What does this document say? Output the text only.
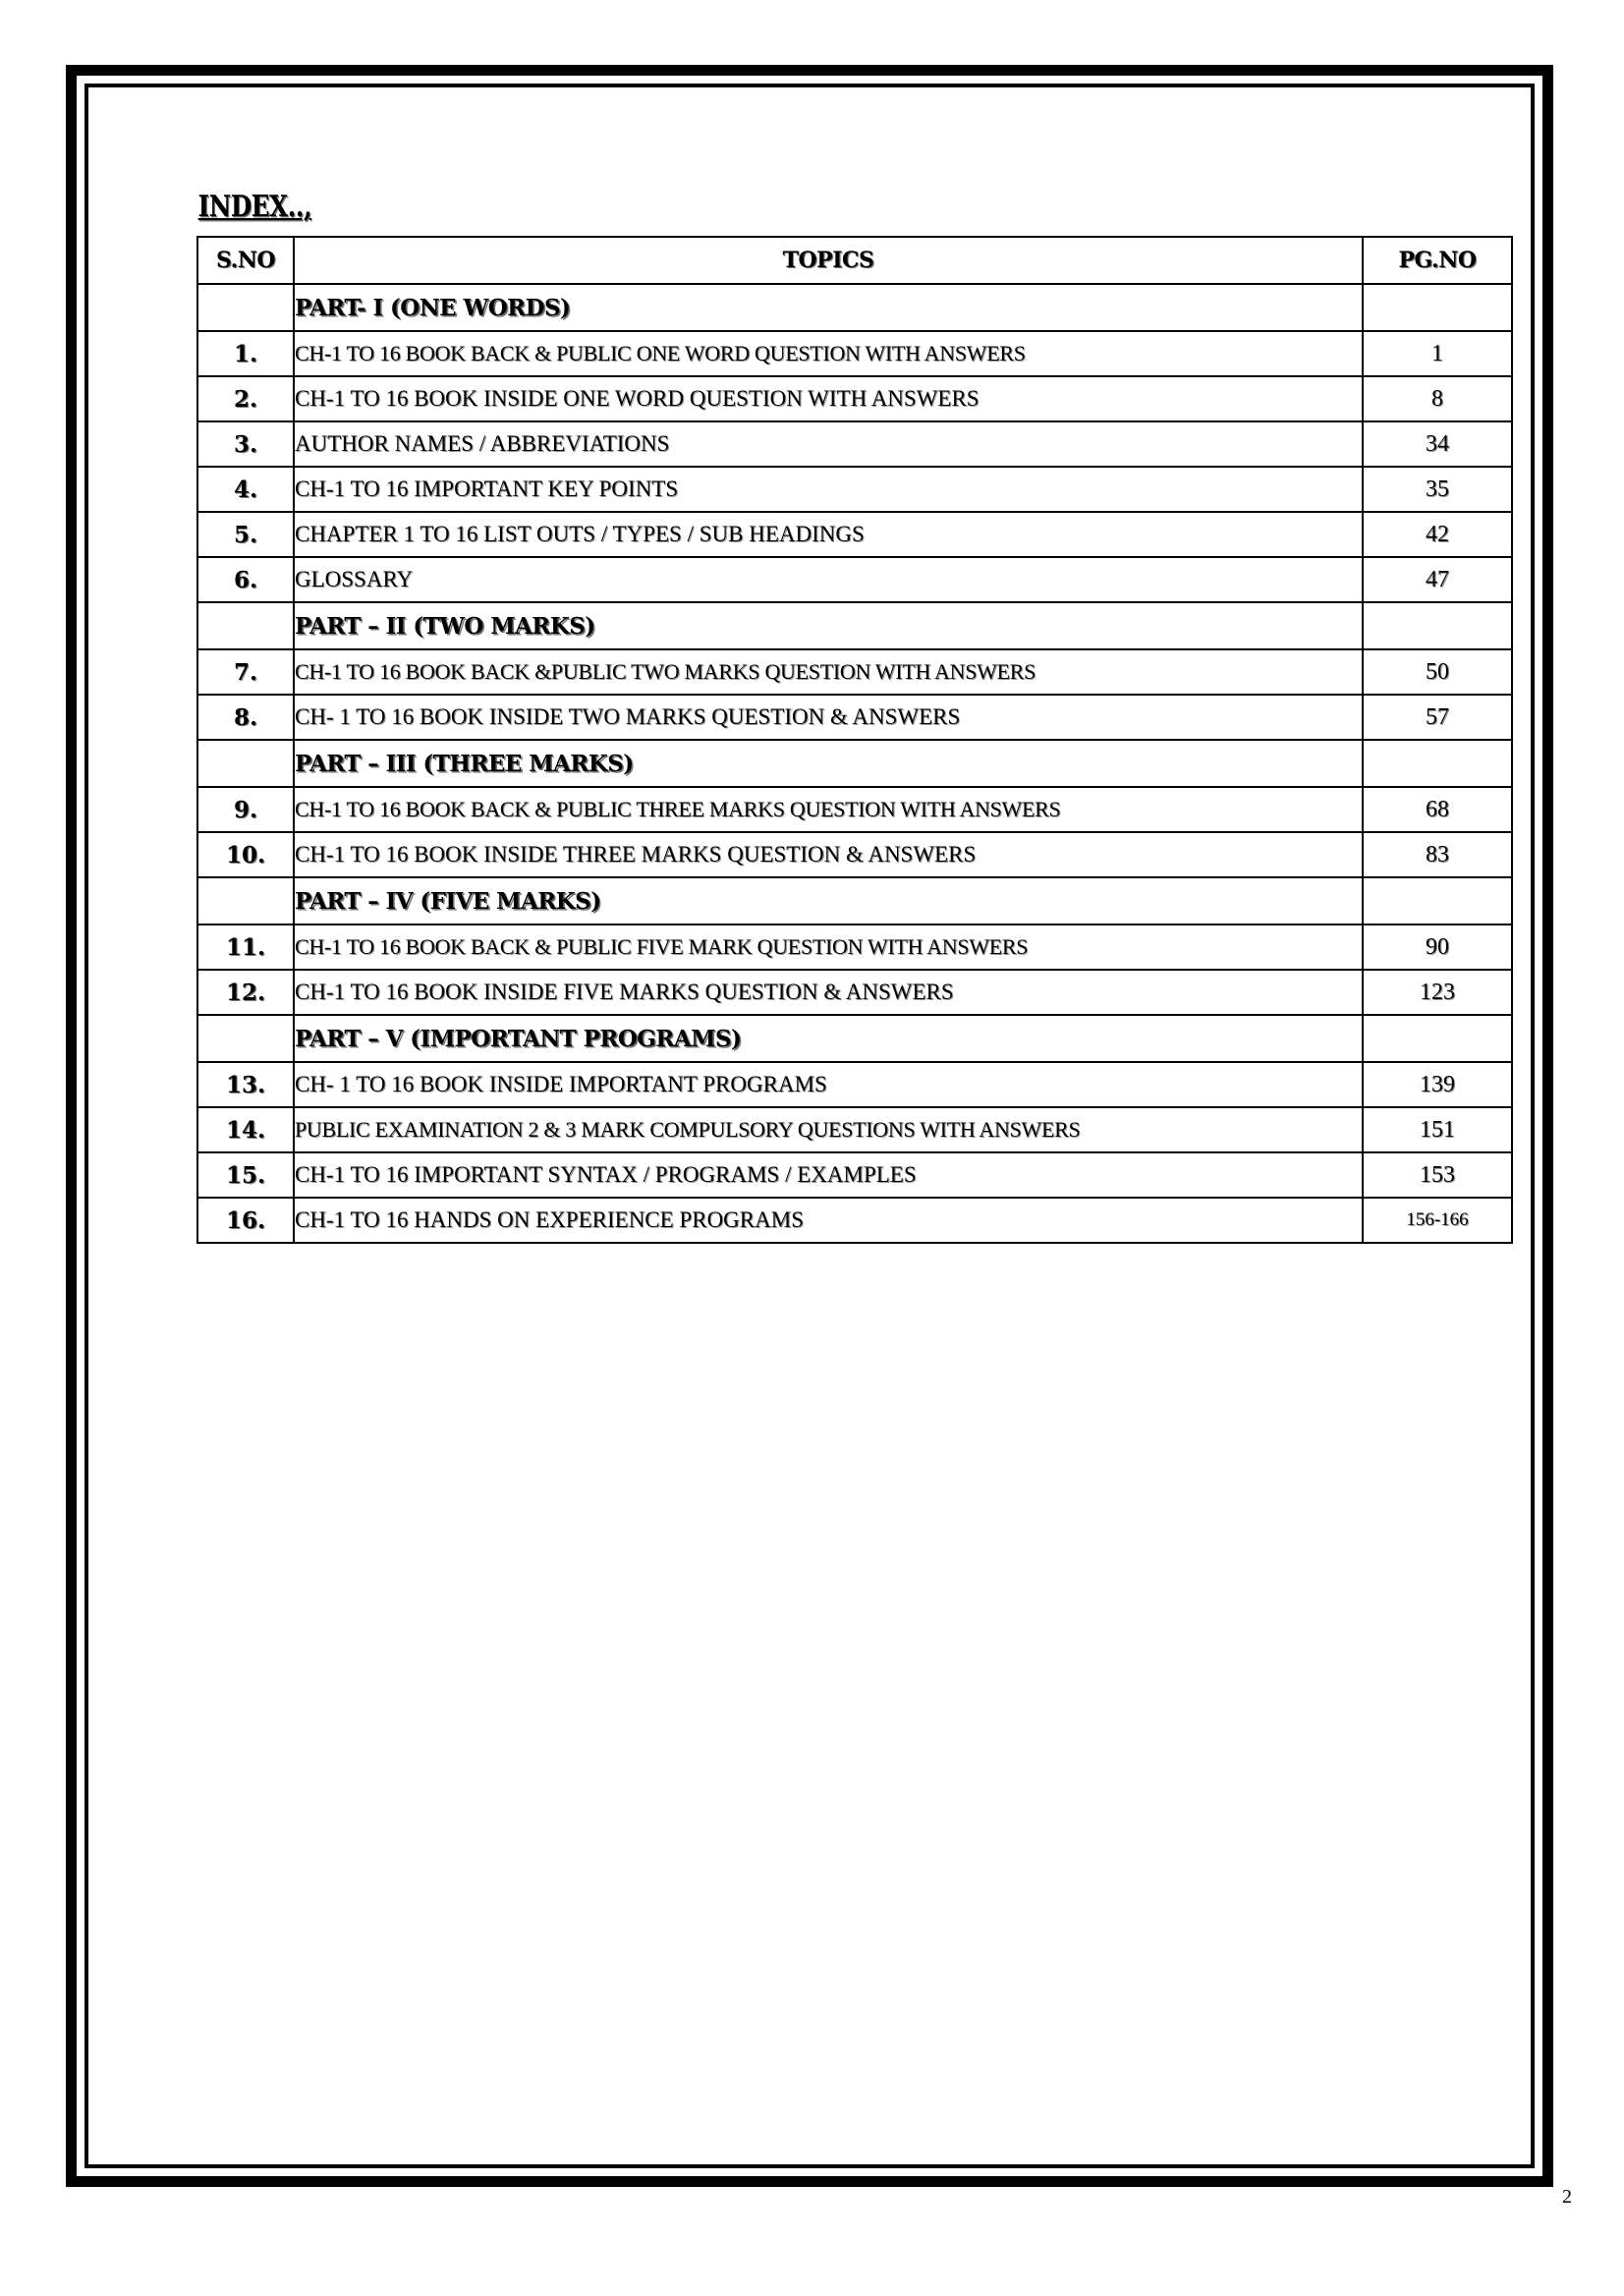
INDEX..,
S.NO	TOPICS	PG.NO
	PART- I (ONE WORDS)	
1.	CH-1 TO 16 BOOK BACK & PUBLIC ONE WORD QUESTION WITH ANSWERS	1
2.	CH-1 TO 16 BOOK INSIDE ONE WORD QUESTION WITH ANSWERS	8
3.	AUTHOR NAMES / ABBREVIATIONS	34
4.	CH-1 TO 16 IMPORTANT KEY POINTS	35
5.	CHAPTER 1 TO 16 LIST OUTS / TYPES / SUB HEADINGS	42
6.	GLOSSARY	47
	PART – II (TWO MARKS)	
7.	CH-1 TO 16 BOOK BACK &PUBLIC TWO MARKS QUESTION WITH ANSWERS	50
8.	CH- 1 TO 16 BOOK INSIDE TWO MARKS QUESTION & ANSWERS	57
	PART – III (THREE MARKS)	
9.	CH-1 TO 16 BOOK BACK & PUBLIC THREE MARKS QUESTION WITH ANSWERS	68
10.	CH-1 TO 16 BOOK INSIDE THREE MARKS QUESTION & ANSWERS	83
	PART – IV (FIVE MARKS)	
11.	CH-1 TO 16 BOOK BACK & PUBLIC FIVE MARK QUESTION WITH ANSWERS	90
12.	CH-1 TO 16 BOOK INSIDE FIVE MARKS QUESTION & ANSWERS	123
	PART – V (IMPORTANT PROGRAMS)	
13.	CH- 1 TO 16 BOOK INSIDE IMPORTANT PROGRAMS	139
14.	PUBLIC EXAMINATION 2 & 3 MARK COMPULSORY QUESTIONS WITH ANSWERS	151
15.	CH-1 TO 16 IMPORTANT SYNTAX / PROGRAMS / EXAMPLES	153
16.	CH-1 TO 16 HANDS ON EXPERIENCE PROGRAMS	156-166
2
